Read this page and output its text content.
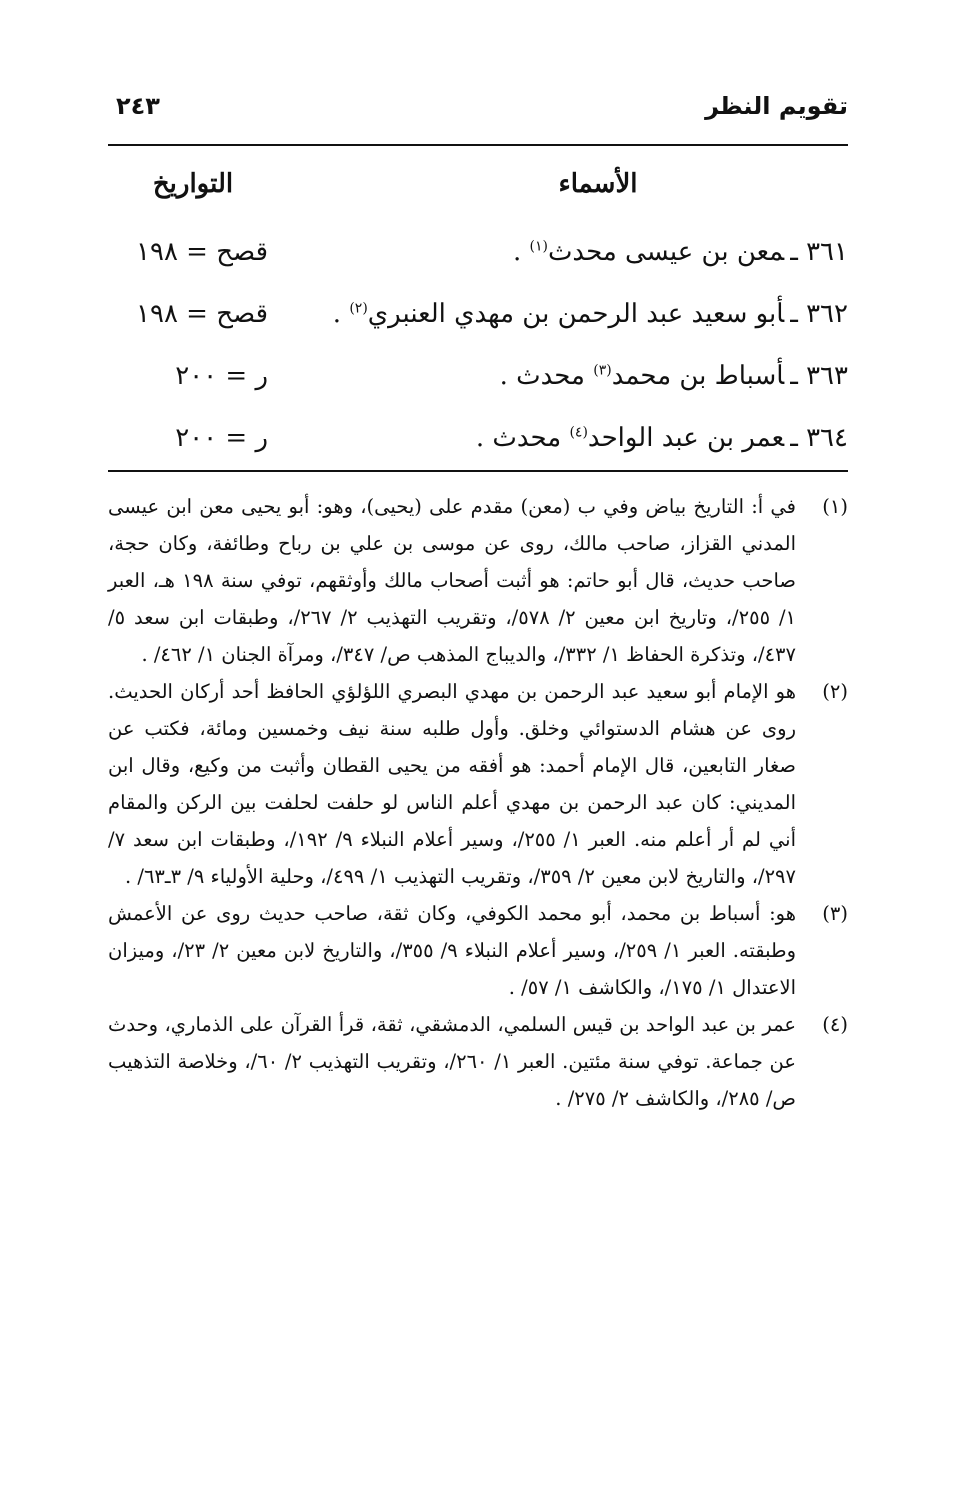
تقويم النظر
٢٤٣
الأسماء
التواريخ
٣٦١ ـمعن بن عيسى محدث$^{(١)}$ .
قصح = ١٩٨
٣٦٢ ـأبو سعيد عبد الرحمن بن مهدي العنبري$^{(٢)}$ .
قصح = ١٩٨
٣٦٣ ـأسباط بن محمد$^{(٣)}$ محدث .
ر = ٢٠٠
٣٦٤ ـعمر بن عبد الواحد$^{(٤)}$ محدث .
ر = ٢٠٠

(١)
في أ: التاريخ بياض وفي ب (معن) مقدم على (يحيى)، وهو: أبو يحيى معن ابن عيسى المدني القزاز، صاحب مالك، روى عن موسى بن علي بن رباح وطائفة، وكان حجة، صاحب حديث، قال أبو حاتم: هو أثبت أصحاب مالك وأوثقهم، توفي سنة ١٩٨ هـ، العبر ١/ ٢٥٥/، وتاريخ ابن معين ٢/ ٥٧٨/، وتقريب التهذيب ٢/ ٢٦٧/، وطبقات ابن سعد ٥/ ٤٣٧/، وتذكرة الحفاظ ١/ ٣٣٢/، والديباج المذهب ص/ ٣٤٧/، ومرآة الجنان ١/ ٤٦٢/ .

(٢)
هو الإمام أبو سعيد عبد الرحمن بن مهدي البصري اللؤلؤي الحافظ أحد أركان الحديث. روى عن هشام الدستوائي وخلق. وأول طلبه سنة نيف وخمسين ومائة، فكتب عن صغار التابعين، قال الإمام أحمد: هو أفقه من يحيى القطان وأثبت من وكيع، وقال ابن المديني: كان عبد الرحمن بن مهدي أعلم الناس لو حلفت لحلفت بين الركن والمقام أني لم أر أعلم منه. العبر ١/ ٢٥٥/، وسير أعلام النبلاء ٩/ ١٩٢/، وطبقات ابن سعد ٧/ ٢٩٧/، والتاريخ لابن معين ٢/ ٣٥٩/، وتقريب التهذيب ١/ ٤٩٩/، وحلية الأولياء ٩/ ٣ـ٦٣/ .

(٣)
هو: أسباط بن محمد، أبو محمد الكوفي، وكان ثقة، صاحب حديث روى عن الأعمش وطبقته. العبر ١/ ٢٥٩/، وسير أعلام النبلاء ٩/ ٣٥٥/، والتاريخ لابن معين ٢/ ٢٣/، وميزان الاعتدال ١/ ١٧٥/، والكاشف ١/ ٥٧/ .

(٤)
عمر بن عبد الواحد بن قيس السلمي، الدمشقي، ثقة، قرأ القرآن على الذماري، وحدث عن جماعة. توفي سنة مئتين. العبر ١/ ٢٦٠/، وتقريب التهذيب ٢/ ٦٠/، وخلاصة التذهيب ص/ ٢٨٥/، والكاشف ٢/ ٢٧٥/ .
